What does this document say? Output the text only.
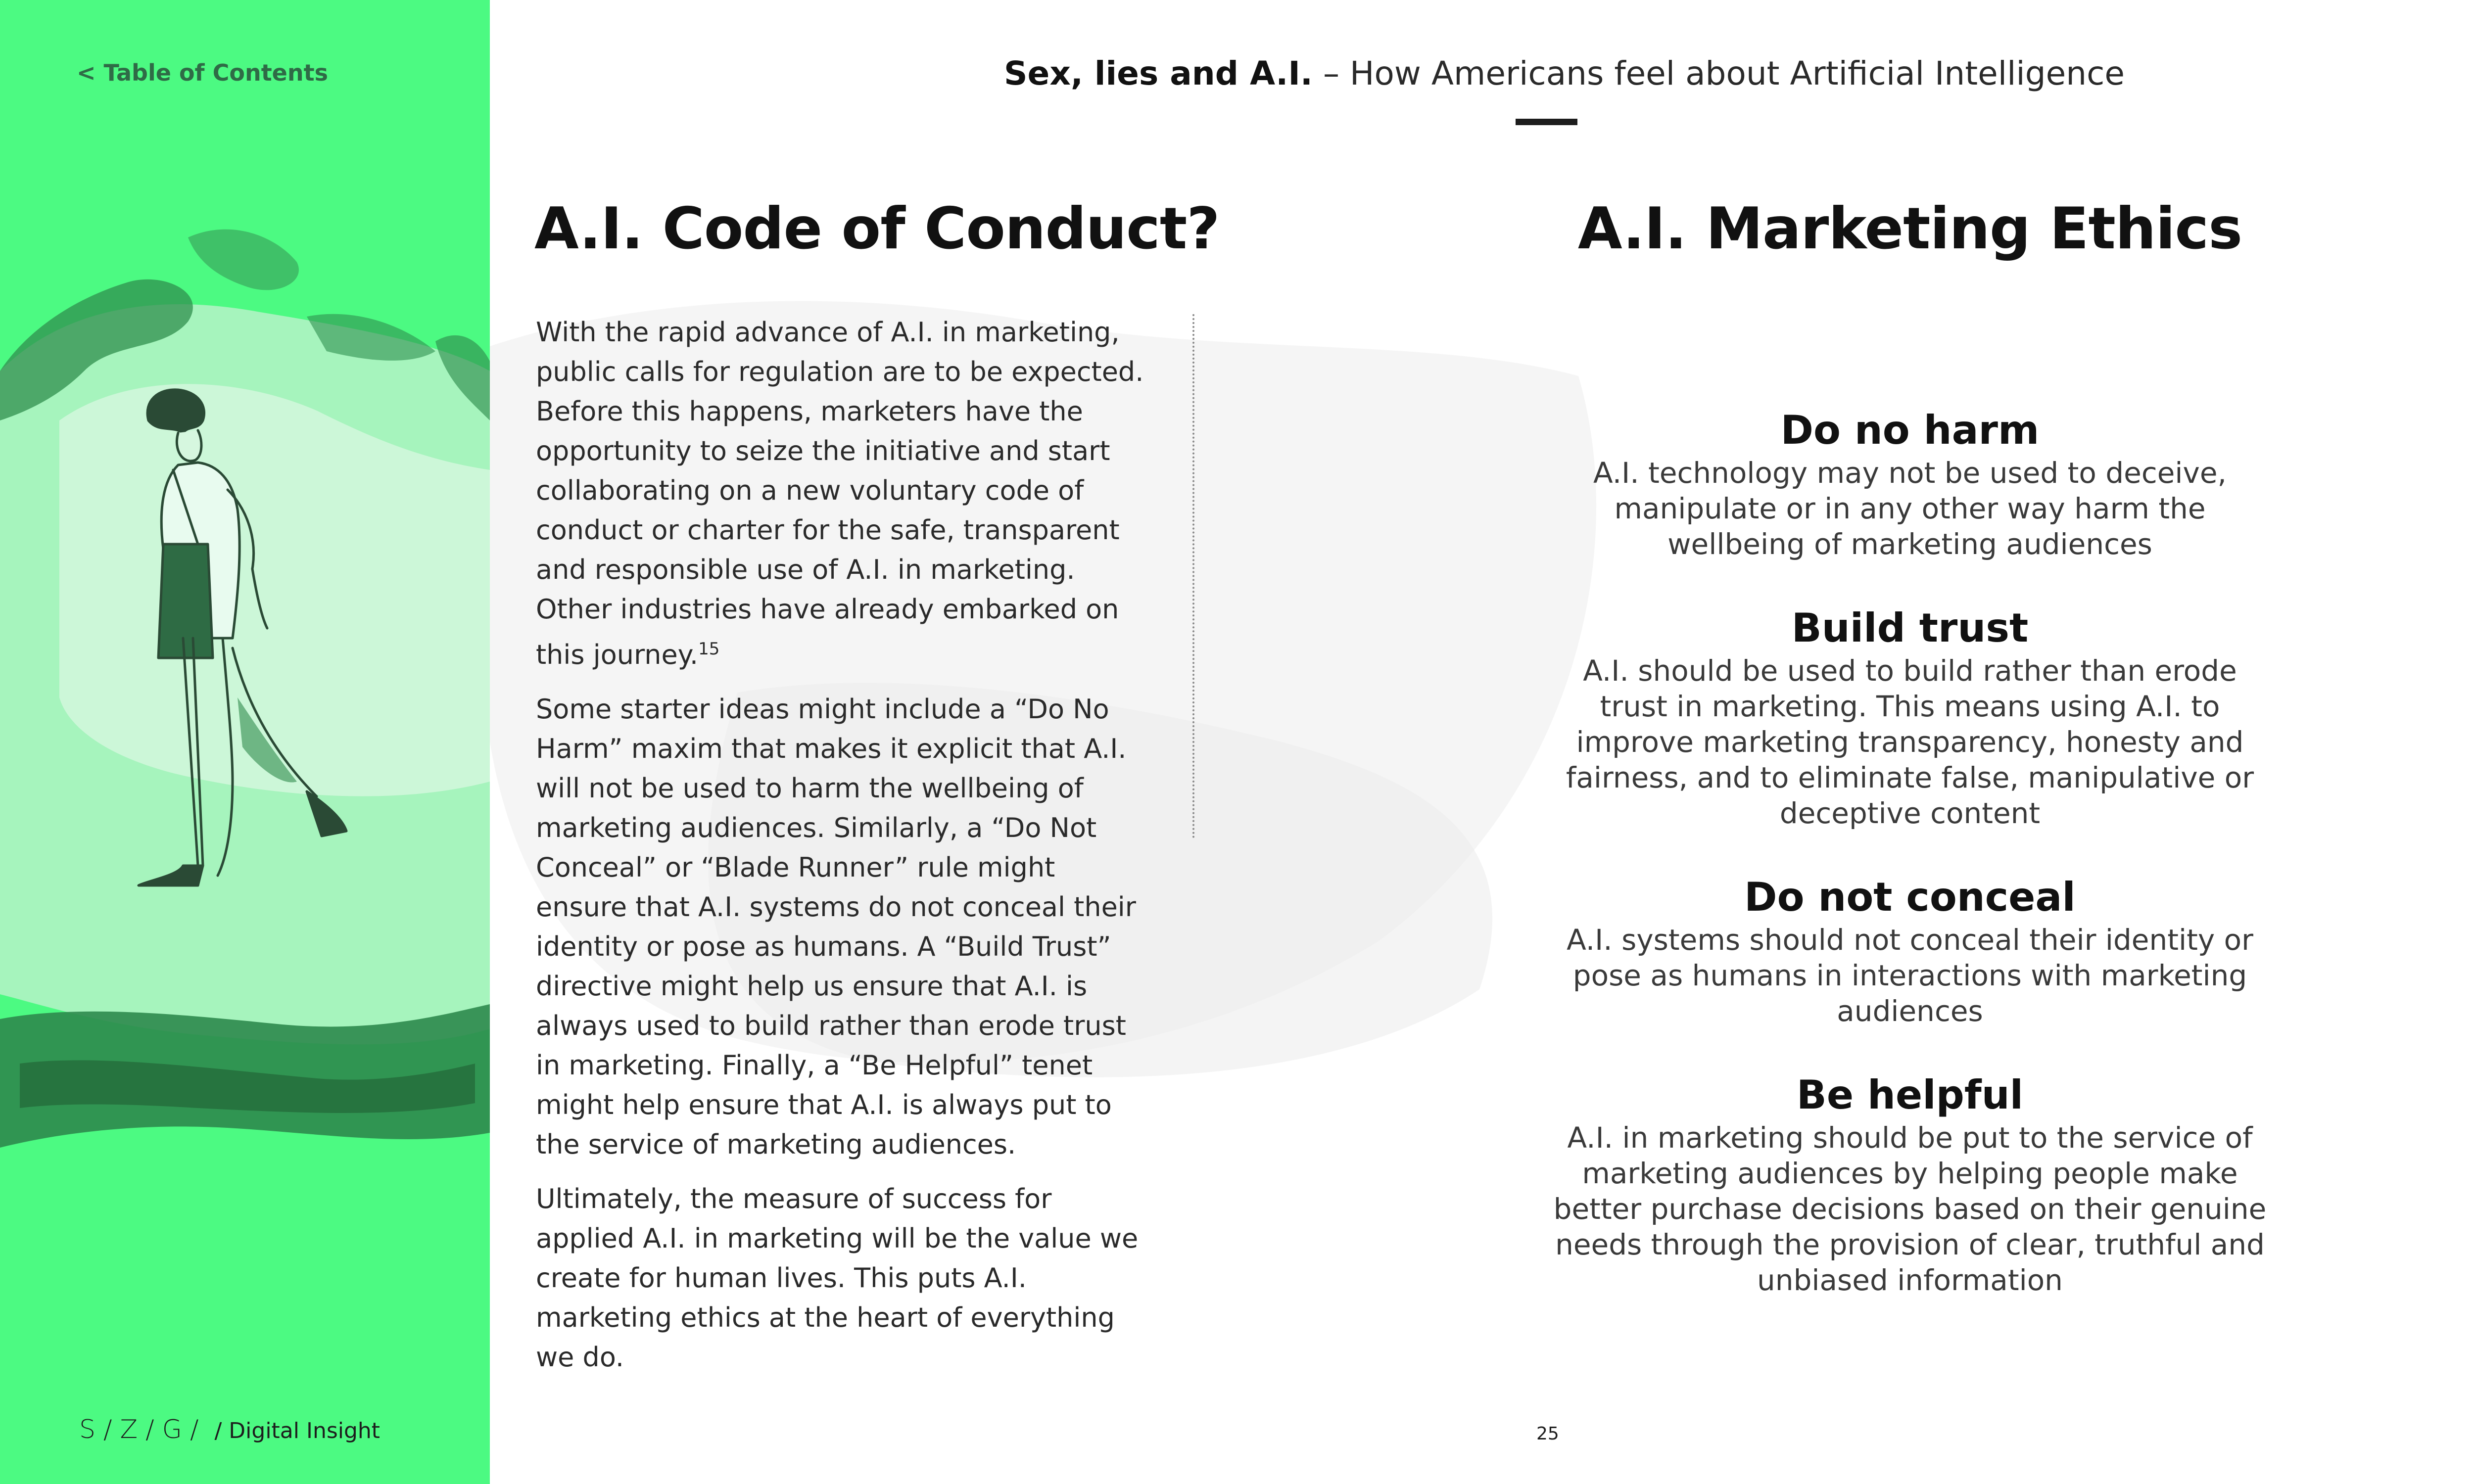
< Table of Contents
S/Z/G/ / Digital Insight
Sex, lies and A.I. – How Americans feel about Artificial Intelligence
A.I. Code of Conduct?

With the rapid advance of A.I. in marketing, public calls for regulation are to be expected. Before this happens, marketers have the opportunity to seize the initiative and start collaborating on a new voluntary code of conduct or charter for the safe, transparent and responsible use of A.I. in marketing. Other industries have already embarked on this journey.$^{15}$

Some starter ideas might include a “Do No Harm” maxim that makes it explicit that A.I. will not be used to harm the wellbeing of marketing audiences. Similarly, a “Do Not Conceal” or “Blade Runner” rule might ensure that A.I. systems do not conceal their identity or pose as humans. A “Build Trust” directive might help us ensure that A.I. is always used to build rather than erode trust in marketing. Finally, a “Be Helpful” tenet might help ensure that A.I. is always put to the service of marketing audiences.

Ultimately, the measure of success for applied A.I. in marketing will be the value we create for human lives. This puts A.I. marketing ethics at the heart of everything we do.

A.I. Marketing Ethics
Do no harm
A.I. technology may not be used to deceive, manipulate or in any other way harm the wellbeing of marketing audiences
Build trust
A.I. should be used to build rather than erode trust in marketing. This means using A.I. to improve marketing transparency, honesty and fairness, and to eliminate false, manipulative or deceptive content
Do not conceal
A.I. systems should not conceal their identity or pose as humans in interactions with marketing audiences
Be helpful
A.I. in marketing should be put to the service of marketing audiences by helping people make better purchase decisions based on their genuine needs through the provision of clear, truthful and unbiased information
25
